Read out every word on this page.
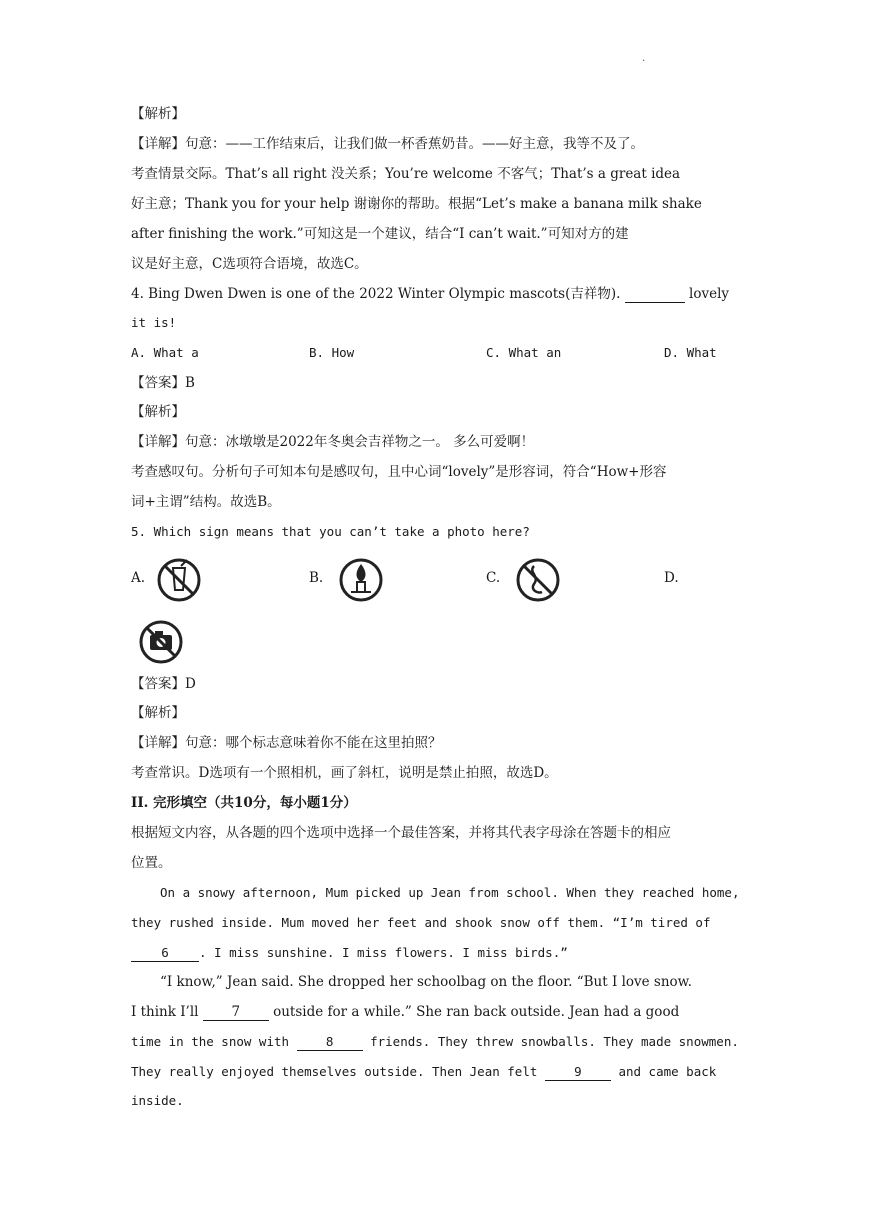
·
【解析】
【详解】句意：——工作结束后，让我们做一杯香蕉奶昔。——好主意，我等不及了。
考查情景交际。That’s all right 没关系；You’re welcome 不客气；That’s a great idea
好主意；Thank you for your help 谢谢你的帮助。根据“Let’s make a banana milk shake
after finishing the work.”可知这是一个建议，结合“I can’t wait.”可知对方的建
议是好主意，C选项符合语境，故选C。
4. Bing Dwen Dwen is one of the 2022 Winter Olympic mascots(吉祥物).	lovely
it is!
A. What a	B. How	C. What an	D. What
【答案】B
【解析】
【详解】句意：冰墩墩是2022年冬奥会吉祥物之一。 多么可爱啊！
考查感叹句。分析句子可知本句是感叹句，且中心词“lovely”是形容词，符合“How+形容
词+主谓”结构。故选B。
5. Which sign means that you can’t take a photo here?
A.	B.	C.	D.
【答案】D
【解析】
【详解】句意：哪个标志意味着你不能在这里拍照？
考查常识。D选项有一个照相机，画了斜杠，说明是禁止拍照，故选D。
II. 完形填空（共10分，每小题1分）
根据短文内容，从各题的四个选项中选择一个最佳答案，并将其代表字母涂在答题卡的相应
位置。
On a snowy afternoon, Mum picked up Jean from school. When they reached home,
they rushed inside. Mum moved her feet and shook snow off them. “I’m tired of
6 . I miss sunshine. I miss flowers. I miss birds.”
“I know,” Jean said. She dropped her schoolbag on the floor. “But I love snow.
I think I’ll 7 outside for a while.” She ran back outside. Jean had a good
time in the snow with	8	friends. They threw snowballs. They made snowmen.
They really enjoyed themselves outside. Then Jean felt	9	and came back
inside.
